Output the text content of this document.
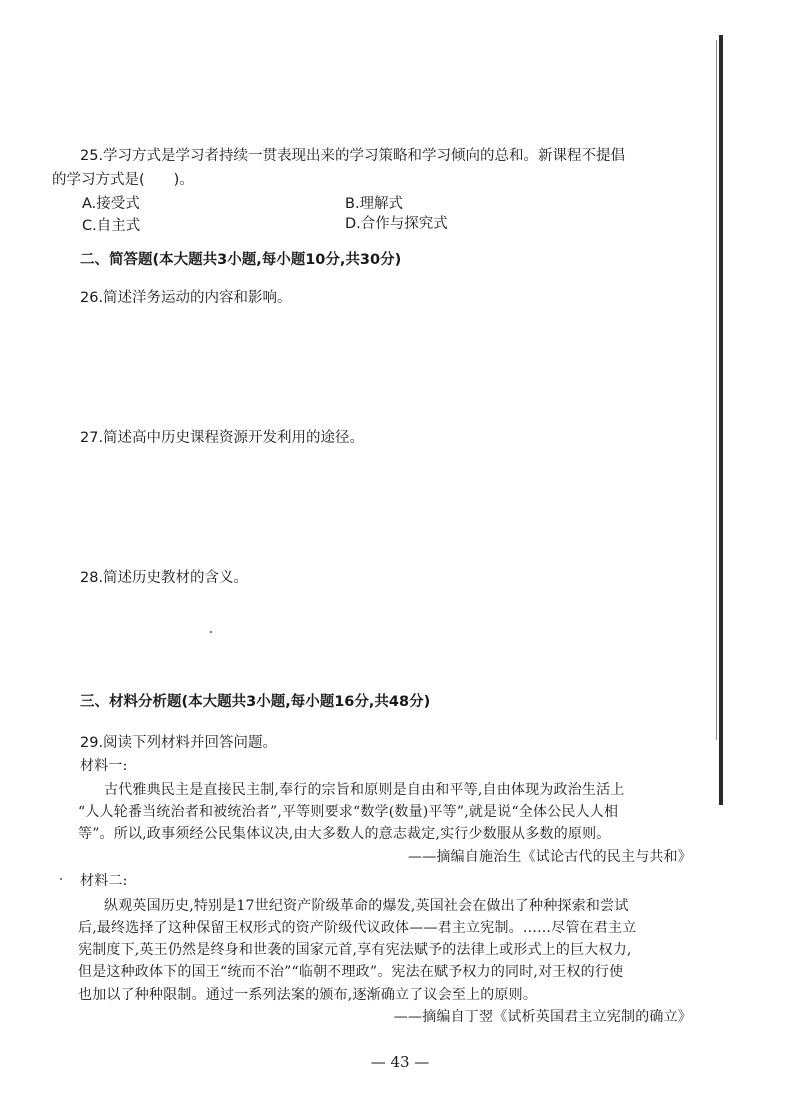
25.学习方式是学习者持续一贯表现出来的学习策略和学习倾向的总和。新课程不提倡
的学习方式是(　　)。
A.接受式	B.理解式
C.自主式	D.合作与探究式
二、简答题(本大题共3小题,每小题10分,共30分)
26.简述洋务运动的内容和影响。
27.简述高中历史课程资源开发利用的途径。
28.简述历史教材的含义。
三、材料分析题(本大题共3小题,每小题16分,共48分)
29.阅读下列材料并回答问题。
材料一:
古代雅典民主是直接民主制,奉行的宗旨和原则是自由和平等,自由体现为政治生活上
“人人轮番当统治者和被统治者”,平等则要求“数学(数量)平等”,就是说“全体公民人人相
等”。所以,政事须经公民集体议决,由大多数人的意志裁定,实行少数服从多数的原则。
——摘编自施治生《试论古代的民主与共和》
材料二:
纵观英国历史,特别是17世纪资产阶级革命的爆发,英国社会在做出了种种探索和尝试
后,最终选择了这种保留王权形式的资产阶级代议政体——君主立宪制。……尽管在君主立
宪制度下,英王仍然是终身和世袭的国家元首,享有宪法赋予的法律上或形式上的巨大权力,
但是这种政体下的国王“统而不治”“临朝不理政”。宪法在赋予权力的同时,对王权的行使
也加以了种种限制。通过一系列法案的颁布,逐渐确立了议会至上的原则。
——摘编自丁翌《试析英国君主立宪制的确立》
— 43 —
